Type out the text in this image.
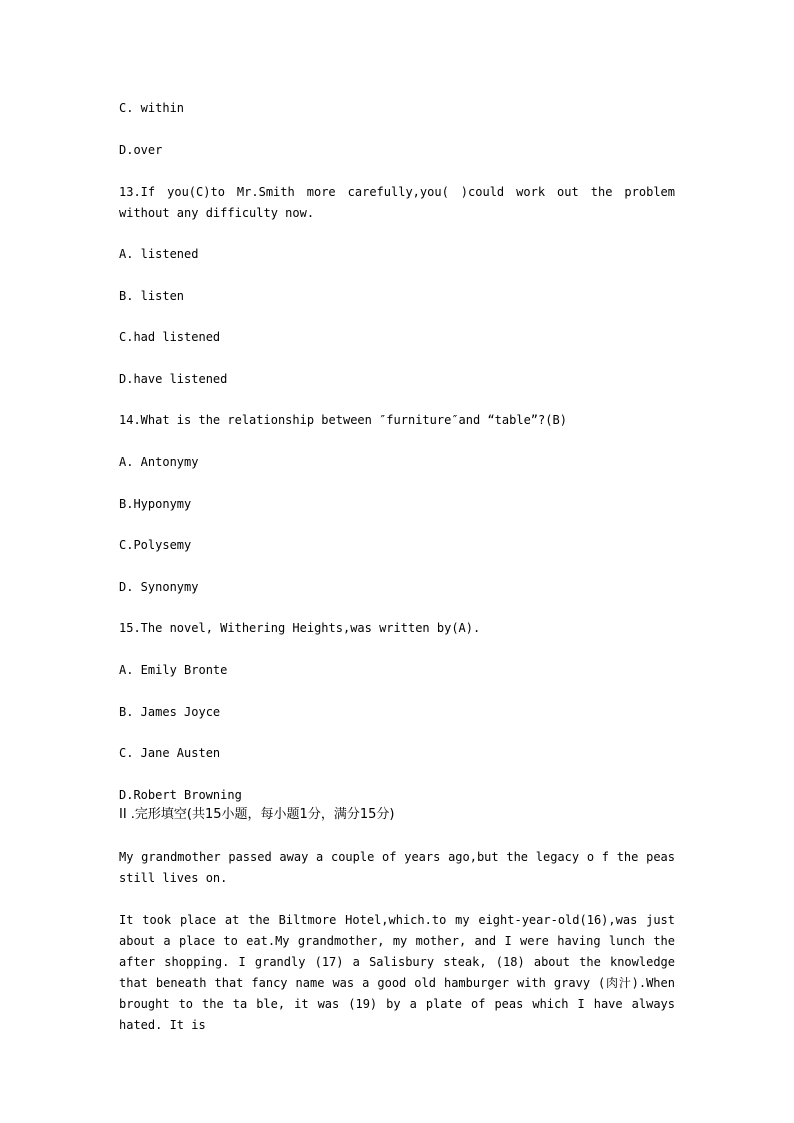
C. within
D.over
13.If you(C)to Mr.Smith more carefully,you( )could work out the problem without any difficulty now.
A. listened
B. listen
C.had listened
D.have listened
14.What is the relationship between ″furniture″and “table”?(B)
A. Antonymy
B.Hyponymy
C.Polysemy
D. Synonymy
15.The novel, Withering Heights,was written by(A).
A. Emily Bronte
B. James Joyce
C. Jane Austen
D.Robert Browning
II .完形填空(共15小题，每小题1分，满分15分)
My grandmother passed away a couple of years ago,but the legacy o f the peas still lives on.
It took place at the Biltmore Hotel,which.to my eight-year-old(16),was just about a place to eat.My grandmother, my mother, and I were having lunch the after shopping. I grandly (17) a Salisbury steak, (18) about the knowledge that beneath that fancy name was a good old hamburger with gravy (肉汁).When brought to the ta ble, it was (19) by a plate of peas which I have always hated. It is
